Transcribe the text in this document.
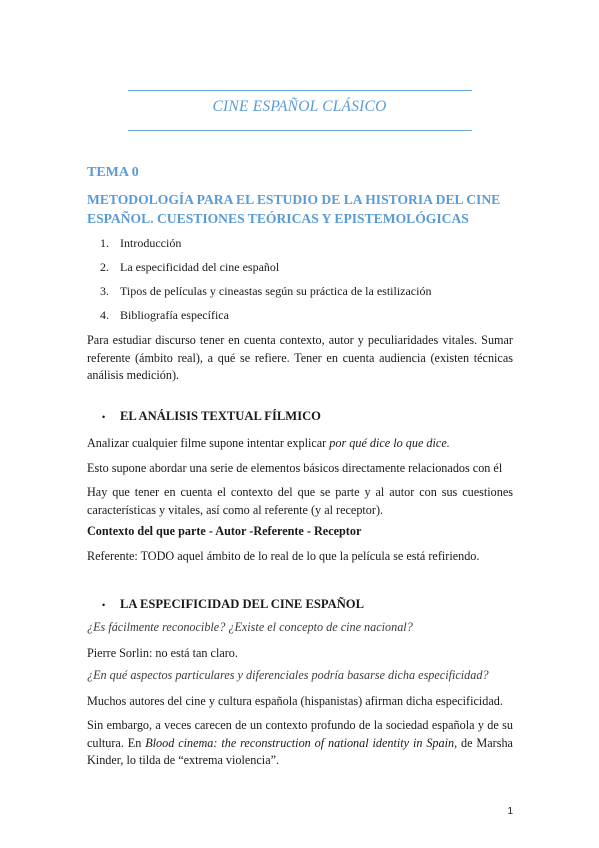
CINE ESPAÑOL CLÁSICO
TEMA 0
METODOLOGÍA PARA EL ESTUDIO DE LA HISTORIA DEL CINE ESPAÑOL. CUESTIONES TEÓRICAS Y EPISTEMOLÓGICAS
1. Introducción
2. La especificidad del cine español
3. Tipos de películas y cineastas según su práctica de la estilización
4. Bibliografía específica
Para estudiar discurso tener en cuenta contexto, autor y peculiaridades vitales. Sumar referente (ámbito real), a qué se refiere. Tener en cuenta audiencia (existen técnicas análisis medición).
• EL ANÁLISIS TEXTUAL FÍLMICO
Analizar cualquier filme supone intentar explicar por qué dice lo que dice.
Esto supone abordar una serie de elementos básicos directamente relacionados con él
Hay que tener en cuenta el contexto del que se parte y al autor con sus cuestiones características y vitales, así como al referente (y al receptor).
Contexto del que parte - Autor -Referente - Receptor
Referente: TODO aquel ámbito de lo real de lo que la película se está refiriendo.
• LA ESPECIFICIDAD DEL CINE ESPAÑOL
¿Es fácilmente reconocible? ¿Existe el concepto de cine nacional?
Pierre Sorlin: no está tan claro.
¿En qué aspectos particulares y diferenciales podría basarse dicha especificidad?
Muchos autores del cine y cultura española (hispanistas) afirman dicha especificidad.
Sin embargo, a veces carecen de un contexto profundo de la sociedad española y de su cultura. En Blood cinema: the reconstruction of national identity in Spain, de Marsha Kinder, lo tilda de “extrema violencia”.
1
